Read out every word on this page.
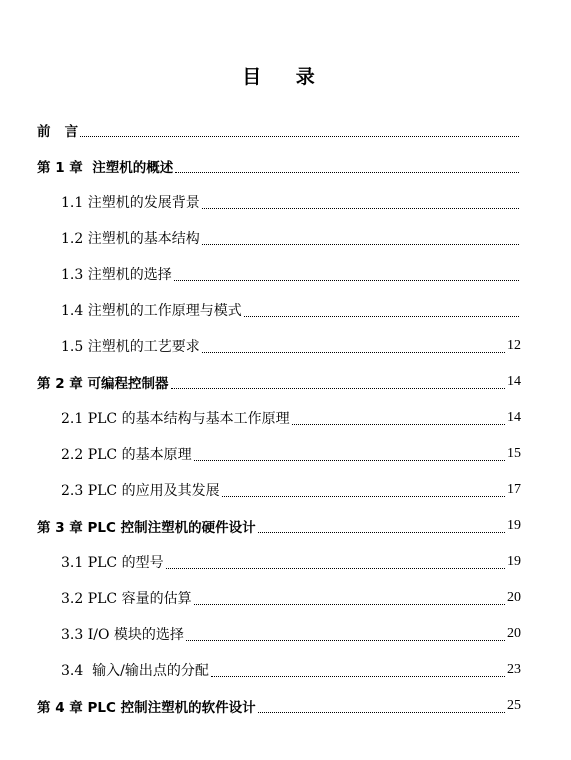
目 录
前   言
第 1 章  注塑机的概述
1.1 注塑机的发展背景
1.2 注塑机的基本结构
1.3 注塑机的选择
1.4 注塑机的工作原理与模式
1.5 注塑机的工艺要求	12
第 2 章 可编程控制器	14
2.1 PLC 的基本结构与基本工作原理	14
2.2 PLC 的基本原理	15
2.3 PLC 的应用及其发展	17
第 3 章 PLC 控制注塑机的硬件设计	19
3.1 PLC 的型号	19
3.2 PLC 容量的估算	20
3.3 I/O 模块的选择	20
3.4  输入/输出点的分配	23
第 4 章 PLC 控制注塑机的软件设计	25
